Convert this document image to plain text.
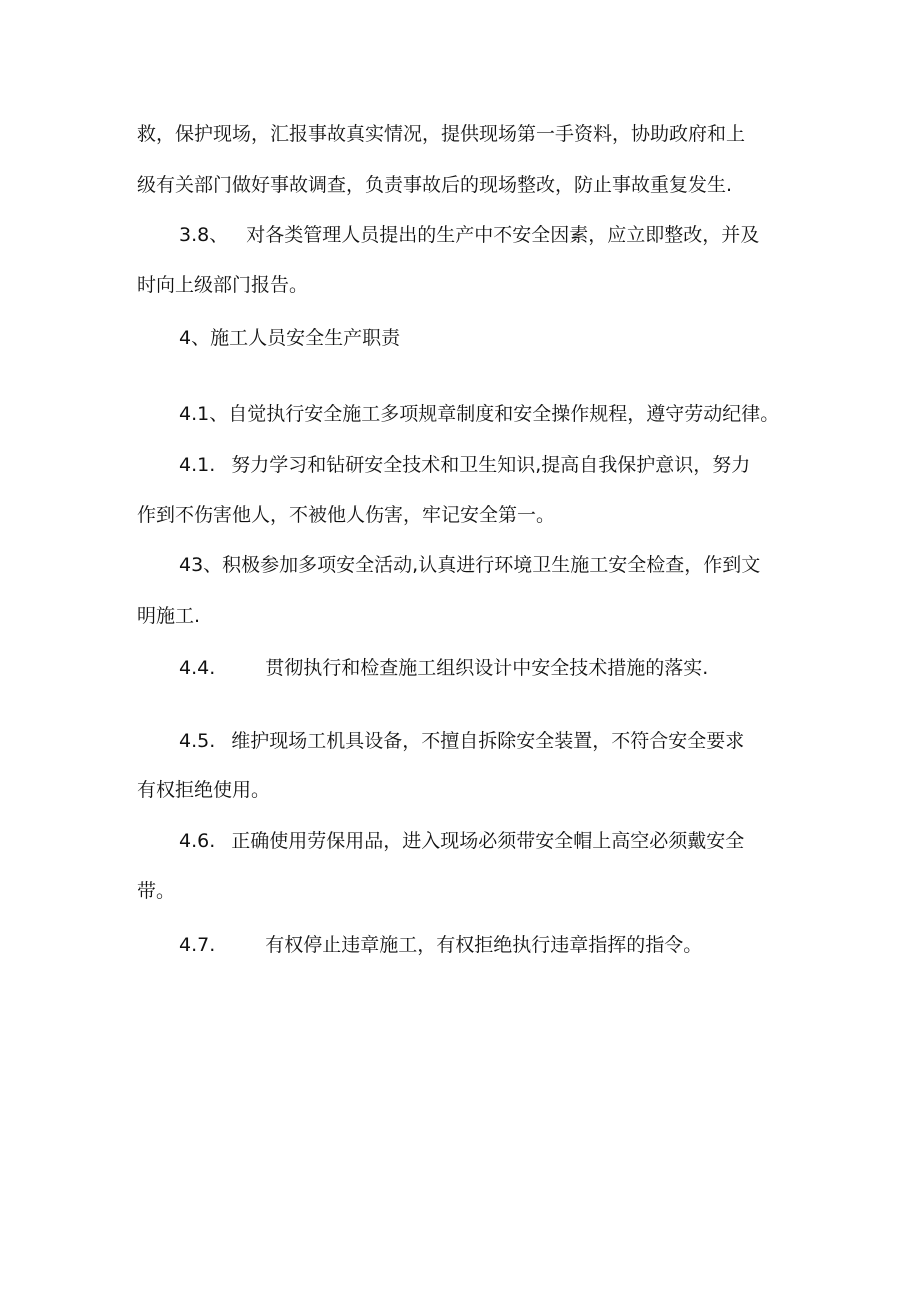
救，保护现场，汇报事故真实情况，提供现场第一手资料，协助政府和上
级有关部门做好事故调查，负责事故后的现场整改，防止事故重复发生.
3.8、 对各类管理人员提出的生产中不安全因素，应立即整改，并及
时向上级部门报告。
4、施工人员安全生产职责
4.1、自觉执行安全施工多项规章制度和安全操作规程，遵守劳动纪律。
4.1. 努力学习和钻研安全技术和卫生知识,提高自我保护意识，努力
作到不伤害他人，不被他人伤害，牢记安全第一。
43、积极参加多项安全活动,认真进行环境卫生施工安全检查，作到文
明施工.
4.4.	贯彻执行和检查施工组织设计中安全技术措施的落实.
4.5. 维护现场工机具设备，不擅自拆除安全装置，不符合安全要求
有权拒绝使用。
4.6. 正确使用劳保用品，进入现场必须带安全帽上高空必须戴安全
带。
4.7.	有权停止违章施工，有权拒绝执行违章指挥的指令。
